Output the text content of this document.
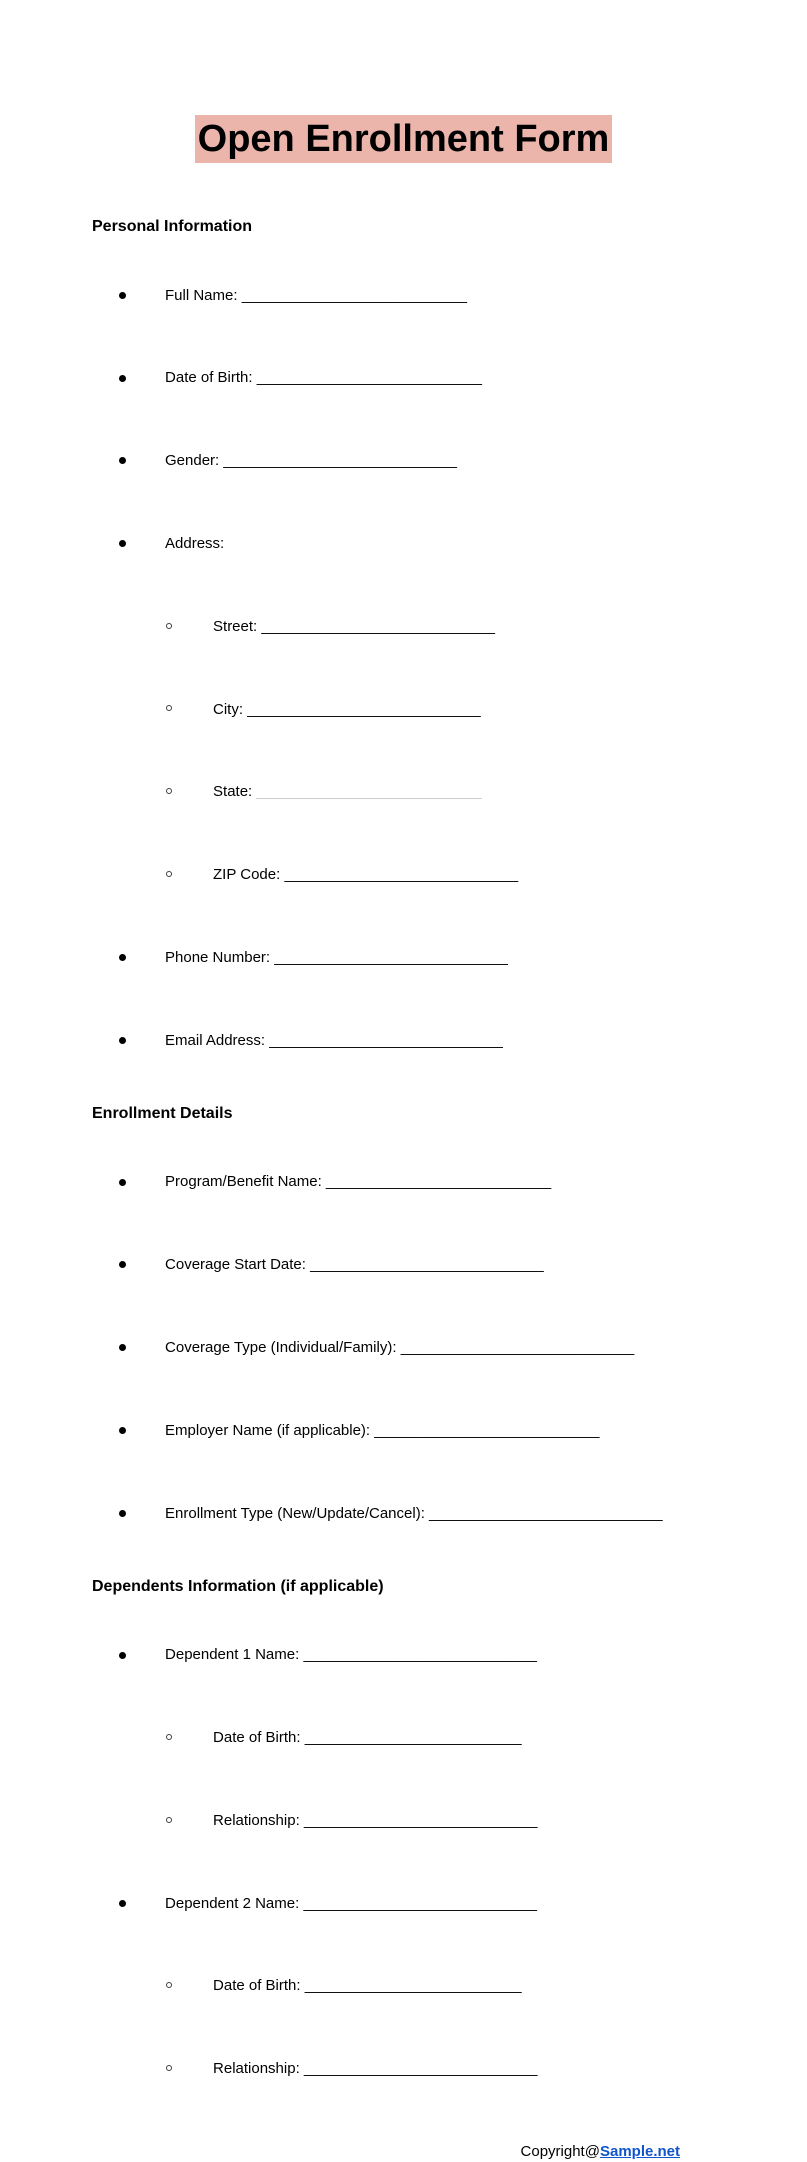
Open Enrollment Form
Personal Information

Full Name: ___________________________

Date of Birth: ___________________________

Gender: ____________________________

Address:

Street: ____________________________

City: ____________________________

State: ___________________________

ZIP Code: ____________________________

Phone Number: ____________________________

Email Address: ____________________________

Enrollment Details

Program/Benefit Name: ___________________________

Coverage Start Date: ____________________________

Coverage Type (Individual/Family): ____________________________

Employer Name (if applicable): ___________________________

Enrollment Type (New/Update/Cancel): ____________________________

Dependents Information (if applicable)

Dependent 1 Name: ____________________________

Date of Birth: __________________________

Relationship: ____________________________

Dependent 2 Name: ____________________________

Date of Birth: __________________________

Relationship: ____________________________

Copyright@Sample.net
